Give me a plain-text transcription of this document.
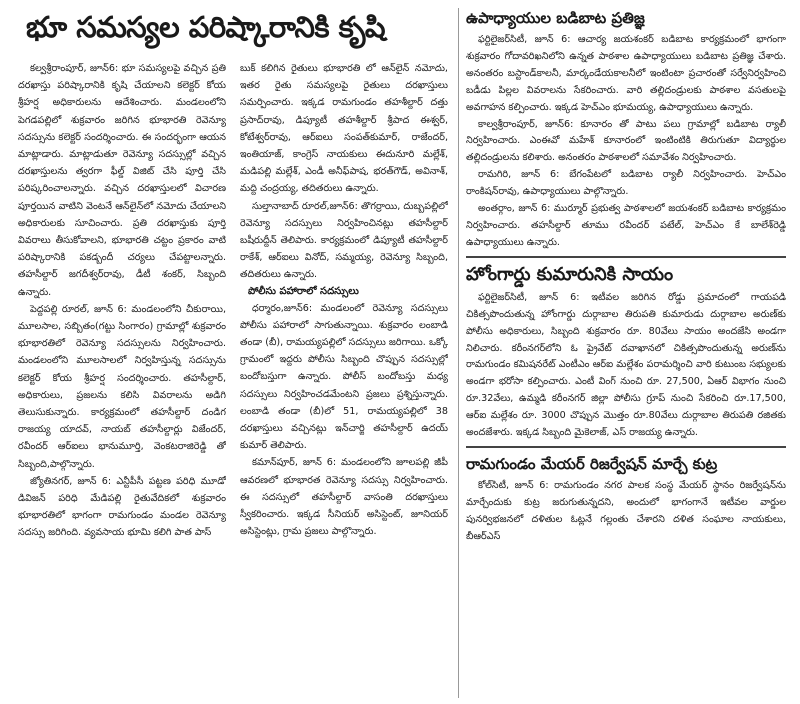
భూ సమస్యల పరిష్కారానికి కృషి

కల్వశ్రీరాంపూర్, జూన్6: భూ సమస్యలపై వచ్చిన ప్రతి దరఖాస్తు పరిష్కారానికి కృషి చేయాలని కలెక్టర్ కోయ శ్రీహర్ష అధికారులను ఆదేశించారు. మండలంలోని పెగడపల్లిలో శుక్రవారం జరిగిన భూభారతి రెవెన్యూ సదస్సును కలెక్టర్ సందర్శించారు. ఈ సందర్భంగా ఆయన మాట్లాడారు. మాట్లాడుతూ రెవెన్యూ సదస్సుల్లో వచ్చిన దరఖాస్తులను త్వరగా ఫీల్డ్ విజిట్ చేసి పూర్తి చేసి పరిష్కరించాలన్నారు. వచ్చిన దరఖాస్తులలో విచారణ పూర్తయిన వాటిని వెంటనే ఆన్‌లైన్‌లో నమోదు చేయాలని అధికారులకు సూచించారు. ప్రతి దరఖాస్తుకు పూర్తి వివరాలు తీసుకోవాలని, భూభారతి చట్టం ప్రకారం వాటి పరిష్కారానికి పకడ్బందీ చర్యలు చేపట్టాలన్నారు. తహసీల్దార్ జగదీశ్వర్‌రావు, డీటీ శంకర్, సిబ్బంది ఉన్నారు.

పెద్దపల్లి రూరల్, జూన్ 6: మండలంలోని చీకురాయి, మూలసాల, సబ్బితం(గట్టు సింగారం) గ్రామాల్లో శుక్రవారం భూభారతిలో రెవెన్యూ సదస్సులను నిర్వహించారు. మండలంలోని మూలసాలలో నిర్వహిస్తున్న సదస్సును కలెక్టర్ కోయ శ్రీహర్ష సందర్శించారు. తహసీల్దార్, అధికారులు, ప్రజలను కలిసి వివరాలను అడిగి తెలుసుకున్నారు. కార్యక్రమంలో తహసీల్దార్ దండిగ రాజయ్య యాదవ్, నాయబ్ తహసీల్దార్లు విజేందర్, రవీందర్ ఆర్‌ఐలు భానుమూర్తి, వెంకటరాజిరెడ్డి తో సిబ్బంది,పాల్గొన్నారు.

జ్యోతినగర్, జూన్ 6: ఎన్టీపీసీ పట్టణ పరిధి మూడో డివిజన్ పరిధి మేడిపల్లి రైతువేదికలో శుక్రవారం భూభారతిలో భాగంగా రామగుండం మండల రెవెన్యూ సదస్సు జరిగింది. వ్యవసాయ భూమి కలిగి పాత పాస్

బుక్ కలిగిన రైతులు భూభారతి లో ఆన్‌లైన్ నమోదు, ఇతర రైతు సమస్యలపై రైతులు దరఖాస్తులు సమర్పించారు. ఇక్కడ రామగుండం తహశీల్దార్ దత్తు ప్రసాద్‌రావు, డిప్యూటీ తహశీల్దార్ శ్రీపాద ఈశ్వర్, కోటేశ్వర్‌రావు, ఆర్‌ఐలు సంపత్‌కుమార్, రాజేందర్, ఇంతియాజ్, కాంగ్రెస్ నాయకులు ఈదునూరి మల్లేశ్, మడిపల్లి మల్లేశ్, ఎండీ అనీఫ్‌పాష, భరత్‌గౌడ్, అవినాశ్, మద్ది చంద్రయ్య, తదితరులు ఉన్నారు.

సుల్తానాబాద్ రూరల్,జూన్6: తొగర్రాయి, దుబ్బపల్లిలో రెవెన్యూ సదస్సులు నిర్వహించినట్లు తహసీల్దార్ బషీరుద్దీన్ తెలిపారు. కార్యక్రమంలో డిప్యూటీ తహసీల్దార్ రాకేశ్, ఆర్‌ఐలు వినోద్, సమ్మయ్య, రెవెన్యూ సిబ్బంది, తదితరులు ఉన్నారు.

పోలీసు పహారాలో సదస్సులు

ధర్మారం,జూన్6: మండలంలో రెవెన్యూ సదస్సులు పోలీసు పహారాలో సాగుతున్నాయి. శుక్రవారం లంబాడి తండా (బీ), రామయ్యపల్లిలో సదస్సులు జరిగాయి. ఒక్కో గ్రామంలో ఇద్దరు పోలీసు సిబ్బంది చొప్పున సదస్సుల్లో బందోబస్తుగా ఉన్నారు. పోలీస్ బందోబస్తు మధ్య సదస్సులు నిర్వహించడమేంటని ప్రజలు ప్రశ్నిస్తున్నారు. లంబాడి తండా (బీ)లో 51, రామయ్యపల్లిలో 38 దరఖాస్తులు వచ్చినట్లు ఇన్‌చార్జి తహసీల్దార్ ఉదయ్ కుమార్ తెలిపారు.

కమాన్‌పూర్, జూన్ 6: మండలంలోని జూలపల్లి జీపీ ఆవరణలో భూభారత రెవెన్యూ సదస్సు నిర్వహించారు. ఈ సదస్సులో తహసీల్దార్ వాసంతి దరఖాస్తులు స్వీకరించారు. ఇక్కడ సీనియర్ అసిస్టెంట్, జూనియర్ అసిస్టెంట్లు, గ్రామ ప్రజలు పాల్గొన్నారు.

ఉపాధ్యాయుల బడిబాట ప్రతిజ్ఞ

ఫర్టిలైజర్‌సిటీ, జూన్ 6: ఆచార్య జయశంకర్ బడిబాట కార్యక్రమంలో భాగంగా శుక్రవారం గోదావరిఖనిలోని ఉన్నత పాఠశాల ఉపాధ్యాయులు బడిబాట ప్రతిజ్ఞ చేశారు. అనంతరం బస్టాండ్‌కాలనీ, మార్కండేయకాలనీలో ఇంటింటా ప్రచారంతో సర్వేనిర్వహించి బడీడు పిల్లల వివరాలను సేకరించారు. వారి తల్లిదండ్రులకు పాఠశాల వసతులపై అవగాహన కల్పించారు. ఇక్కడ హెచ్‌ఎం భూమయ్య, ఉపాధ్యాయులు ఉన్నారు.

కాల్వశ్రీరాంపూర్, జూన్6: కూనారం తో పాటు పలు గ్రామాల్లో బడిబాట ర్యాలీ నిర్వహించారు. ఎంఈవో మహేశ్ కూనారంలో ఇంటింటికి తిరుగుతూ విద్యార్థుల తల్లిదండ్రులను కలిశారు. అనంతరం పాఠశాలలో సమావేశం నిర్వహించారు.

రామగిరి, జూన్ 6: బేగంపేటలో బడిబాట ర్యాలీ నిర్వహించారు. హెచ్‌ఎం రాంకిషన్‌రావు, ఉపాధ్యాయులు పాల్గొన్నారు.

అంతర్గాం, జూన్ 6: ముర్మూర్ ప్రభుత్వ పాఠశాలలో జయశంకర్ బడిబాట కార్యక్రమం నిర్వహించారు. తహసీల్దార్ తూము రవీందర్ పటేల్, హెచ్‌ఎం కే బాలేశ్‌రెడ్డి ఉపాధ్యాయులు ఉన్నారు.

హోంగార్డు కుమారునికి సాయం

ఫర్టిలైజర్‌సిటీ, జూన్ 6: ఇటీవల జరిగిన రోడ్డు ప్రమాదంలో గాయపడి చికిత్సపొందుతున్న హోంగార్డు దుర్గాబాల తిరుపతి కుమారుడు దుర్గాబాల అరుణ్‌కు పోలీసు అధికారులు, సిబ్బంది శుక్రవారం రూ. 80వేలు సాయం అందజేసి అండగా నిలిచారు. కరీంనగర్‌లోని ఓ ప్రైవేట్ దవాఖానలో చికిత్సపొందుతున్న అరుణ్‌ను రామగుండం కమిషనరేట్ ఎంటీఎం ఆర్‌ఐ మల్లేశం పరామర్శించి వారి కుటుంబ సభ్యులకు అండగా భరోసా కల్పించారు. ఎంటీ వింగ్ నుంచి రూ. 27,500, ఏఆర్ విభాగం నుంచి రూ.32వేలు, ఉమ్మడి కరీంనగర్ జిల్లా పోలీసు గ్రూప్ నుంచి సేకరించి రూ.17,500, ఆర్‌ఐ మల్లేశం రూ. 3000 చొప్పున మొత్తం రూ.80వేలు దుర్గాబాల తిరుపతి రజితకు అందజేశారు. ఇక్కడ సిబ్బంది మైకెలాజ్, ఎస్ రాజయ్య ఉన్నారు.

రామగుండం మేయర్ రిజర్వేషన్ మార్చే కుట్ర

కోల్‌సిటీ, జూన్ 6: రామగుండం నగర పాలక సంస్థ మేయర్ స్థానం రిజర్వేషన్‌ను మార్చేందుకు కుట్ర జరుగుతున్నదని, అందులో భాగంగానే ఇటీవల వార్డుల పునర్విభజనలో దళితుల ఓట్లనే గల్లంతు చేశారని దళిత సంఘాల నాయకులు, బీఆర్ఎస్
